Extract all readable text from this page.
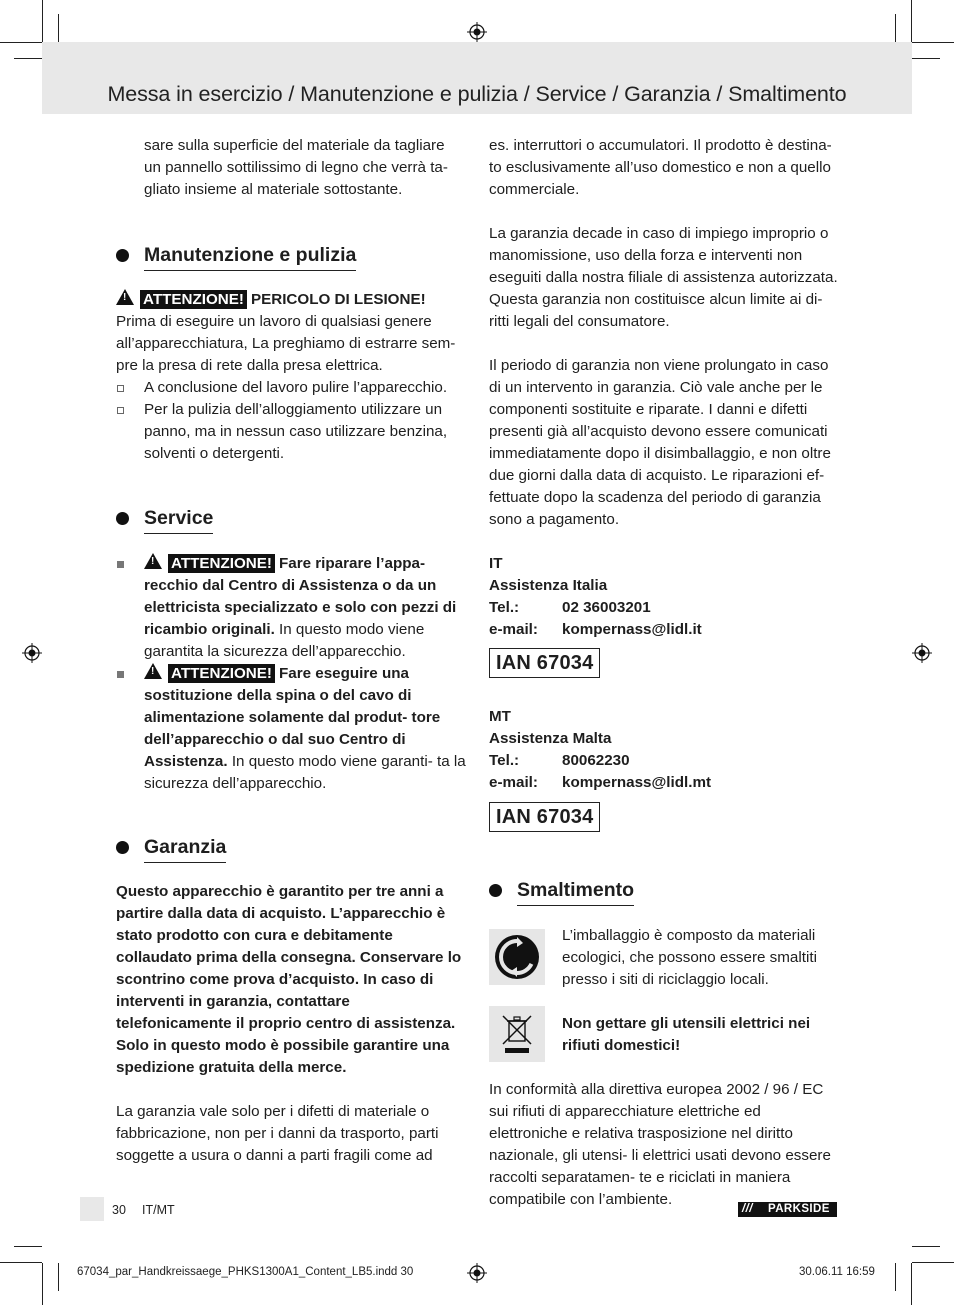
Messa in esercizio / Manutenzione e pulizia / Service / Garanzia / Smaltimento

sare sulla superficie del materiale da tagliare un pannello sottilissimo di legno che verrà ta- gliato insieme al materiale sottostante.

Manutenzione e pulizia

!ATTENZIONE! PERICOLO DI LESIONE!

Prima di eseguire un lavoro di qualsiasi genere all’apparecchiatura, La preghiamo di estrarre sem- pre la presa di rete dalla presa elettrica.

A conclusione del lavoro pulire l’apparecchio.
Per la pulizia dell’alloggiamento utilizzare un panno, ma in nessun caso utilizzare benzina, solventi o detergenti.
Service
!ATTENZIONE! Fare riparare l’appa- recchio dal Centro di Assistenza o da un elettricista specializzato e solo con pezzi di ricambio originali. In questo modo viene garantita la sicurezza dell’apparecchio.
!ATTENZIONE! Fare eseguire una sostituzione della spina o del cavo di alimentazione solamente dal produt- tore dell’apparecchio o dal suo Centro di Assistenza. In questo modo viene garanti- ta la sicurezza dell’apparecchio.
Garanzia

Questo apparecchio è garantito per tre anni a partire dalla data di acquisto. L’apparecchio è stato prodotto con cura e debitamente collaudato prima della consegna. Conservare lo scontrino come prova d’acquisto. In caso di interventi in garanzia, contattare telefonicamente il proprio centro di assistenza. Solo in questo modo è possibile garantire una spedizione gratuita della merce.

La garanzia vale solo per i difetti di materiale o fabbricazione, non per i danni da trasporto, parti soggette a usura o danni a parti fragili come ad

es. interruttori o accumulatori. Il prodotto è destina- to esclusivamente all’uso domestico e non a quello commerciale.

La garanzia decade in caso di impiego improprio o manomissione, uso della forza e interventi non eseguiti dalla nostra filiale di assistenza autorizzata. Questa garanzia non costituisce alcun limite ai di- ritti legali del consumatore.

Il periodo di garanzia non viene prolungato in caso di un intervento in garanzia. Ciò vale anche per le componenti sostituite e riparate. I danni e difetti presenti già all’acquisto devono essere comunicati immediatamente dopo il disimballaggio, e non oltre due giorni dalla data di acquisto. Le riparazioni ef- fettuate dopo la scadenza del periodo di garanzia sono a pagamento.

IT
Assistenza Italia
Tel.:	02 36003201
e-mail: kompernass@lidl.it
IAN 67034
MT
Assistenza Malta
Tel.:	80062230
e-mail: kompernass@lidl.mt
IAN 67034
Smaltimento

L’imballaggio è composto da materiali ecologici, che possono essere smaltiti presso i siti di riciclaggio locali.

Non gettare gli utensili elettrici nei rifiuti domestici!

In conformità alla direttiva europea 2002 / 96 / EC sui rifiuti di apparecchiature elettriche ed elettroniche e relativa trasposizione nel diritto nazionale, gli utensi- li elettrici usati devono essere raccolti separatamen- te e riciclati in maniera compatibile con l’ambiente.

30 IT/MT	/// PARKSIDE
67034_par_Handkreissaege_PHKS1300A1_Content_LB5.indd 30	30.06.11 16:59
